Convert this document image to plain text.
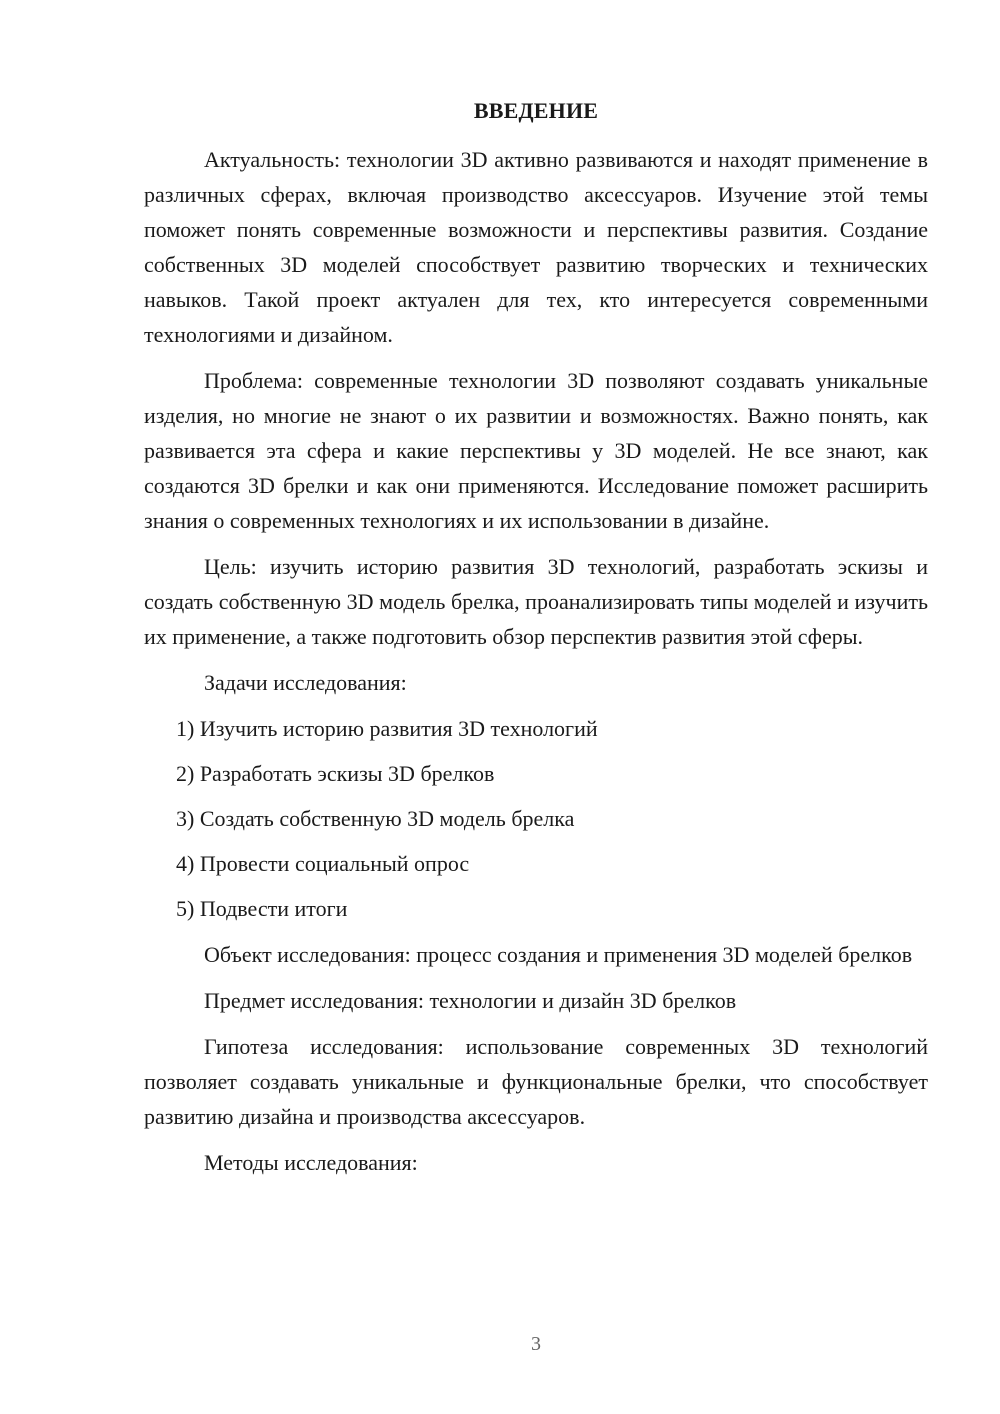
ВВЕДЕНИЕ

Актуальность: технологии 3D активно развиваются и находят применение в различных сферах, включая производство аксессуаров. Изучение этой темы поможет понять современные возможности и перспективы развития. Создание собственных 3D моделей способствует развитию творческих и технических навыков. Такой проект актуален для тех, кто интересуется современными технологиями и дизайном.

Проблема: современные технологии 3D позволяют создавать уникальные изделия, но многие не знают о их развитии и возможностях. Важно понять, как развивается эта сфера и какие перспективы у 3D моделей. Не все знают, как создаются 3D брелки и как они применяются. Исследование поможет расширить знания о современных технологиях и их использовании в дизайне.

Цель: изучить историю развития 3D технологий, разработать эскизы и создать собственную 3D модель брелка, проанализировать типы моделей и изучить их применение, а также подготовить обзор перспектив развития этой сферы.

Задачи исследования:

1) Изучить историю развития 3D технологий
2) Разработать эскизы 3D брелков
3) Создать собственную 3D модель брелка
4) Провести социальный опрос
5) Подвести итоги

Объект исследования: процесс создания и применения 3D моделей брелков

Предмет исследования: технологии и дизайн 3D брелков

Гипотеза исследования: использование современных 3D технологий позволяет создавать уникальные и функциональные брелки, что способствует развитию дизайна и производства аксессуаров.

Методы исследования:

3
